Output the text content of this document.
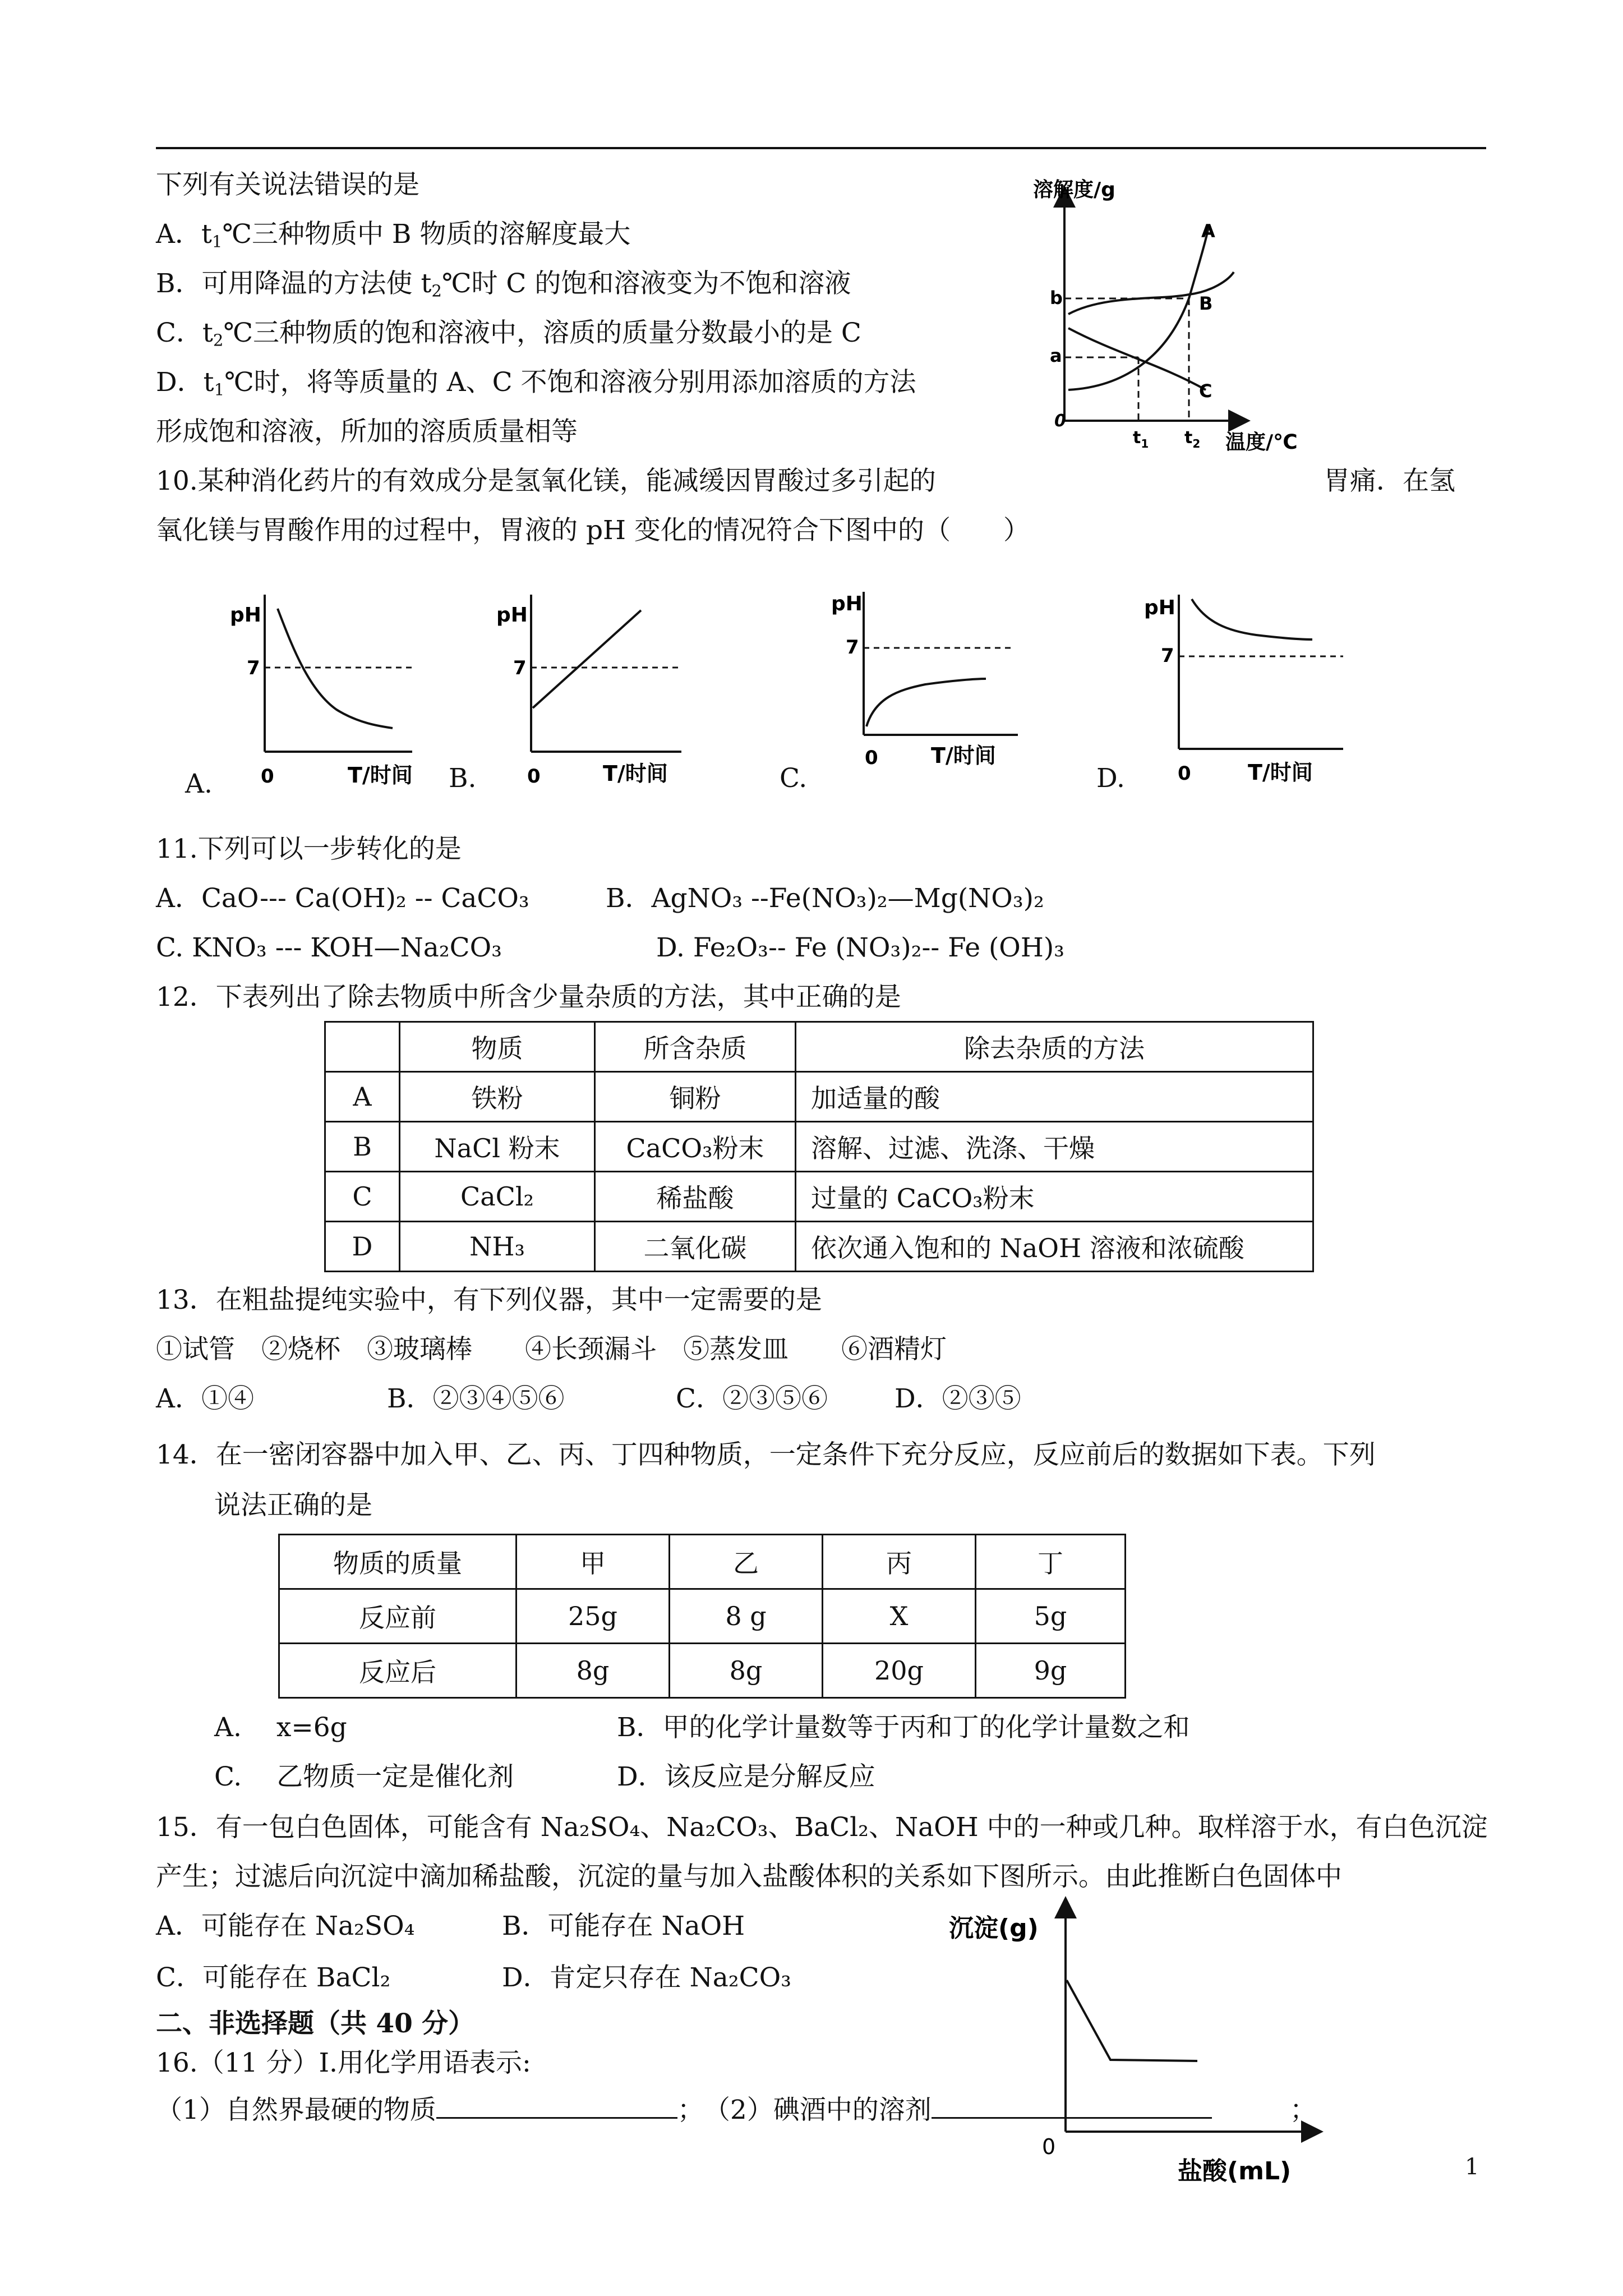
下列有关说法错误的是
A．$t_1℃$三种物质中 B 物质的溶解度最大
B．可用降温的方法使 $t_2℃$时 C 的饱和溶液变为不饱和溶液
C．$t_2℃$三种物质的饱和溶液中，溶质的质量分数最小的是 C
D．$t_1℃$时，将等质量的 A、C 不饱和溶液分别用添加溶质的方法
形成饱和溶液，所加的溶质质量相等
溶解度/g
温度/℃
0
b
a
A
B
C
$t_1$ $t_2$
10.某种消化药片的有效成分是氢氧化镁，能减缓因胃酸过多引起的	胃痛．在氢
氧化镁与胃酸作用的过程中，胃液的 pH 变化的情况符合下图中的（　　）
A.
pH
7
0	T/时间 B.
pH
7
0	T/时间	C.
pH
7
0 T/时间
D.
pH
7
0	T/时间
11.下列可以一步转化的是
A．CaO--- Ca(OH)₂ -- CaCO₃	B．AgNO₃ --Fe(NO₃)₂—Mg(NO₃)₂
C. KNO₃ --- KOH—Na₂CO₃	D. Fe₂O₃-- Fe (NO₃)₂-- Fe (OH)₃
12．下表列出了除去物质中所含少量杂质的方法，其中正确的是
	物质	所含杂质	除去杂质的方法
A	铁粉	铜粉	加适量的酸
B	NaCl 粉末	CaCO₃粉末	溶解、过滤、洗涤、干燥
C	CaCl₂	稀盐酸	过量的 CaCO₃粉末
D	NH₃	二氧化碳	依次通入饱和的 NaOH 溶液和浓硫酸
13．在粗盐提纯实验中，有下列仪器，其中一定需要的是
①试管　②烧杯　③玻璃棒　　④长颈漏斗　⑤蒸发皿　　⑥酒精灯
A．①④	B．②③④⑤⑥	C．②③⑤⑥	D．②③⑤
14．在一密闭容器中加入甲、乙、丙、丁四种物质，一定条件下充分反应，反应前后的数据如下表。下列
说法正确的是
物质的质量	甲	乙	丙	丁
反应前	25g	8 g	X	5g
反应后	8g	8g	20g	9g
A.　 x=6g	B．甲的化学计量数等于丙和丁的化学计量数之和
C.　 乙物质一定是催化剂	D．该反应是分解反应
15．有一包白色固体，可能含有 Na₂SO₄、Na₂CO₃、BaCl₂、NaOH 中的一种或几种。取样溶于水，有白色沉淀
产生；过滤后向沉淀中滴加稀盐酸，沉淀的量与加入盐酸体积的关系如下图所示。由此推断白色固体中
A．可能存在 Na₂SO₄	B．可能存在 NaOH
C．可能存在 BaCl₂	D．肯定只存在 Na₂CO₃
沉淀(g)
0
盐酸(mL)
二、非选择题（共 40 分）
16.（11 分）Ⅰ.用化学用语表示:
（1）自然界最硬的物质	；　 （2）碘酒中的溶剂	；
1
